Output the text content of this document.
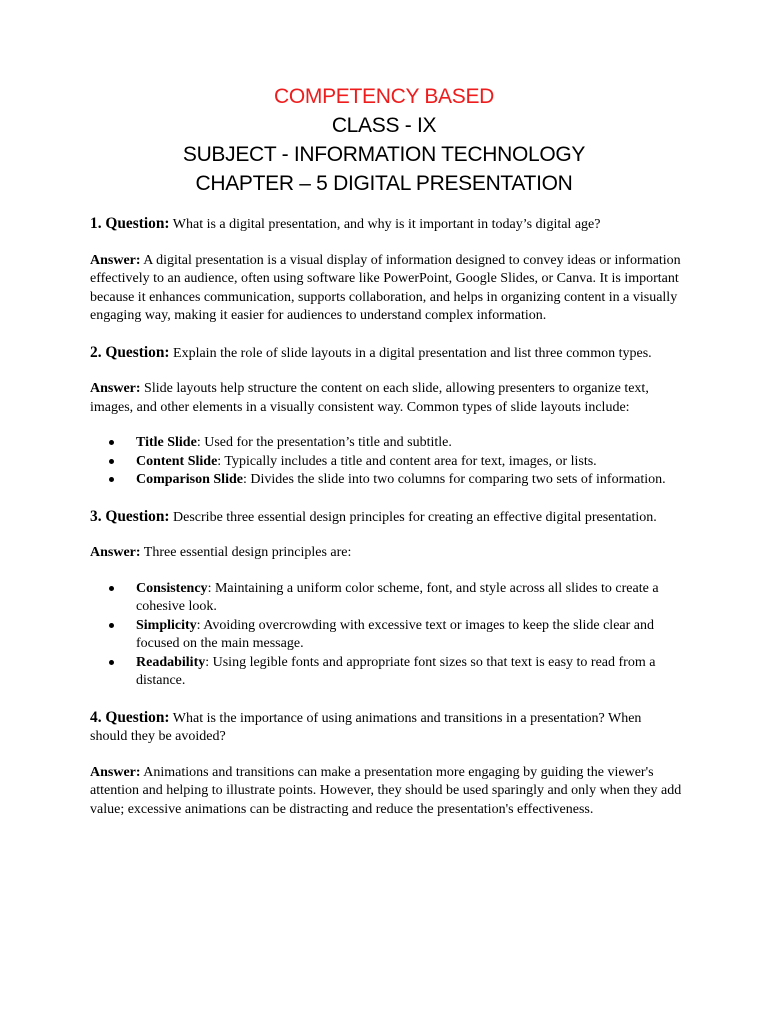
COMPETENCY BASED
CLASS - IX
SUBJECT - INFORMATION TECHNOLOGY
CHAPTER – 5 DIGITAL PRESENTATION

1. Question: What is a digital presentation, and why is it important in today’s digital age?

Answer: A digital presentation is a visual display of information designed to convey ideas or information effectively to an audience, often using software like PowerPoint, Google Slides, or Canva. It is important because it enhances communication, supports collaboration, and helps in organizing content in a visually engaging way, making it easier for audiences to understand complex information.

2. Question: Explain the role of slide layouts in a digital presentation and list three common types.

Answer: Slide layouts help structure the content on each slide, allowing presenters to organize text, images, and other elements in a visually consistent way. Common types of slide layouts include:

Title Slide: Used for the presentation’s title and subtitle.
Content Slide: Typically includes a title and content area for text, images, or lists.
Comparison Slide: Divides the slide into two columns for comparing two sets of information.

3. Question: Describe three essential design principles for creating an effective digital presentation.

Answer: Three essential design principles are:

Consistency: Maintaining a uniform color scheme, font, and style across all slides to create a cohesive look.
Simplicity: Avoiding overcrowding with excessive text or images to keep the slide clear and focused on the main message.
Readability: Using legible fonts and appropriate font sizes so that text is easy to read from a distance.

4. Question: What is the importance of using animations and transitions in a presentation? When should they be avoided?

Answer: Animations and transitions can make a presentation more engaging by guiding the viewer's attention and helping to illustrate points. However, they should be used sparingly and only when they add value; excessive animations can be distracting and reduce the presentation's effectiveness.
